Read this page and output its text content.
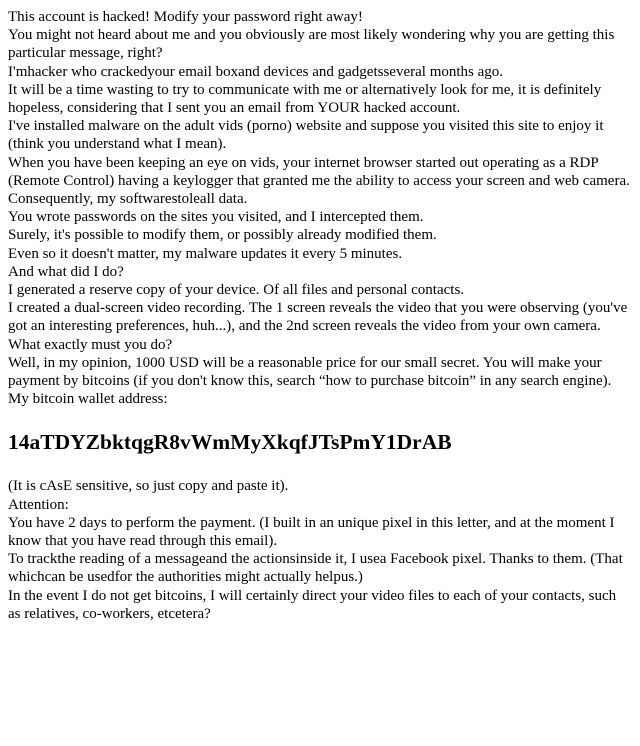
This account is hacked! Modify your password right away!

You might not heard about me and you obviously are most likely wondering why you are getting this particular message, right?

I'mhacker who crackedyour email boxand devices and gadgetsseveral months ago.

It will be a time wasting to try to communicate with me or alternatively look for me, it is definitely hopeless, considering that I sent you an email from YOUR hacked account.

I've installed malware on the adult vids (porno) website and suppose you visited this site to enjoy it (think you understand what I mean).

When you have been keeping an eye on vids, your internet browser started out operating as a RDP (Remote Control) having a keylogger that granted me the ability to access your screen and web camera.

Consequently, my softwarestoleall data.

You wrote passwords on the sites you visited, and I intercepted them.

Surely, it's possible to modify them, or possibly already modified them.

Even so it doesn't matter, my malware updates it every 5 minutes.

And what did I do?

I generated a reserve copy of your device. Of all files and personal contacts.

I created a dual-screen video recording. The 1 screen reveals the video that you were observing (you've got an interesting preferences, huh...), and the 2nd screen reveals the video from your own camera.

What exactly must you do?

Well, in my opinion, 1000 USD will be a reasonable price for our small secret. You will make your payment by bitcoins (if you don't know this, search “how to purchase bitcoin” in any search engine).

My bitcoin wallet address:

14aTDYZbktqgR8vWmMyXkqfJTsPmY1DrAB

(It is cAsE sensitive, so just copy and paste it).

Attention:

You have 2 days to perform the payment. (I built in an unique pixel in this letter, and at the moment I know that you have read through this email).

To trackthe reading of a messageand the actionsinside it, I usea Facebook pixel. Thanks to them. (That whichcan be usedfor the authorities might actually helpus.)

In the event I do not get bitcoins, I will certainly direct your video files to each of your contacts, such as relatives, co-workers, etcetera?
